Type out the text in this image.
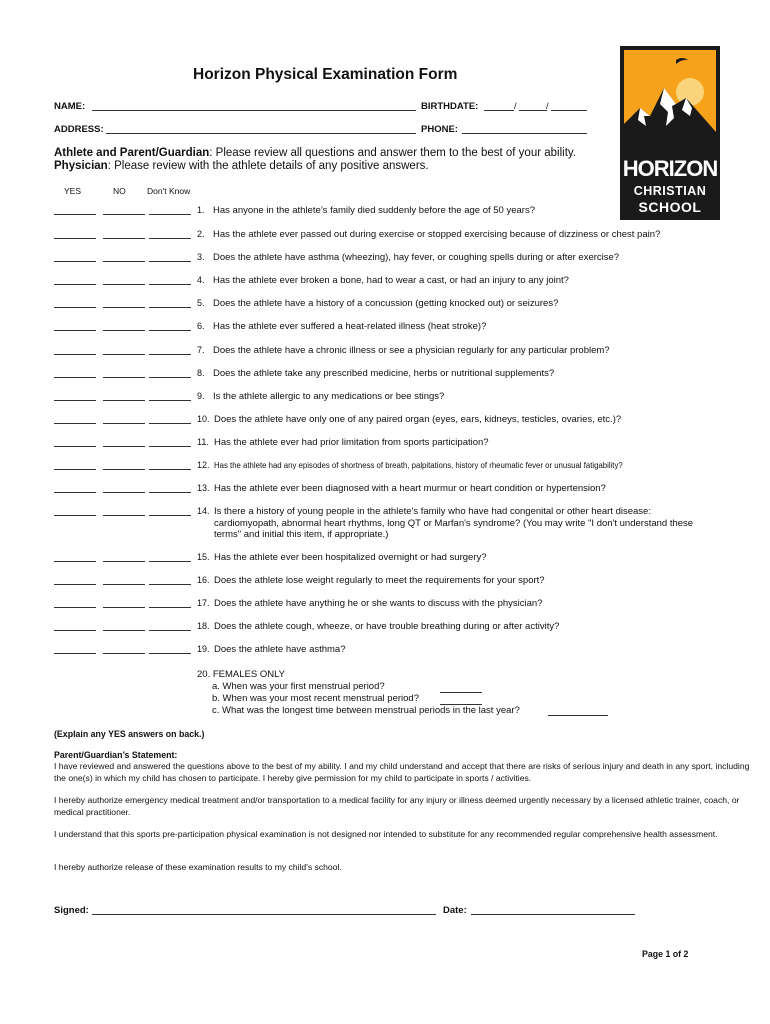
HORIZON
CHRISTIAN
SCHOOL
Horizon Physical Examination Form
NAME:	BIRTHDATE:	/	/
ADDRESS:	PHONE:
Athlete and Parent/Guardian: Please review all questions and answer them to the best of your ability.
Physician: Please review with the athlete details of any positive answers.
YES	NO	Don't Know
1. Has anyone in the athlete’s family died suddenly before the age of 50 years?
2. Has the athlete ever passed out during exercise or stopped exercising because of dizziness or chest pain?
3. Does the athlete have asthma (wheezing), hay fever, or coughing spells during or after exercise?
4. Has the athlete ever broken a bone, had to wear a cast, or had an injury to any joint?
5. Does the athlete have a history of a concussion (getting knocked out) or seizures?
6. Has the athlete ever suffered a heat-related illness (heat stroke)?
7. Does the athlete have a chronic illness or see a physician regularly for any particular problem?
8. Does the athlete take any prescribed medicine, herbs or nutritional supplements?
9. Is the athlete allergic to any medications or bee stings?
10. Does the athlete have only one of any paired organ (eyes, ears, kidneys, testicles, ovaries, etc.)?
11. Has the athlete ever had prior limitation from sports participation?
12. Has the athlete had any episodes of shortness of breath, palpitations, history of rheumatic fever or unusual fatigability?
13. Has the athlete ever been diagnosed with a heart murmur or heart condition or hypertension?
14. Is there a history of young people in the athlete's family who have had congenital or other heart disease: cardiomyopath, abnormal heart rhythms, long QT or Marfan's syndrome? (You may write "I don't understand these terms" and initial this item, if appropriate.)
15. Has the athlete ever been hospitalized overnight or had surgery?
16. Does the athlete lose weight regularly to meet the requirements for your sport?
17. Does the athlete have anything he or she wants to discuss with the physician?
18. Does the athlete cough, wheeze, or have trouble breathing during or after activity?
19. Does the athlete have asthma?
20. FEMALES ONLY
a. When was your first menstrual period?
b. When was your most recent menstrual period?
c. What was the longest time between menstrual periods in the last year?
(Explain any YES answers on back.)
Parent/Guardian’s Statement:
I have reviewed and answered the questions above to the best of my ability. I and my child understand and accept that there are risks of serious injury and death in any sport, including the one(s) in which my child has chosen to participate. I hereby give permission for my child to participate in sports / activities.
I hereby authorize emergency medical treatment and/or transportation to a medical facility for any injury or illness deemed urgently necessary by a licensed athletic trainer, coach, or medical practitioner.
I understand that this sports pre-participation physical examination is not designed nor intended to substitute for any recommended regular comprehensive health assessment.
I hereby authorize release of these examination results to my child's school.
Signed:	Date:
Page 1 of 2
